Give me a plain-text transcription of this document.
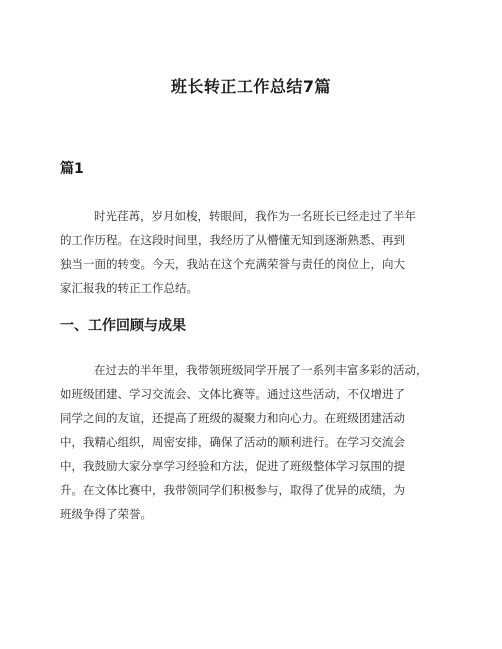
班长转正工作总结7篇
篇1
时光荏苒，岁月如梭，转眼间，我作为一名班长已经走过了半年
的工作历程。在这段时间里，我经历了从懵懂无知到逐渐熟悉、再到
独当一面的转变。今天，我站在这个充满荣誉与责任的岗位上，向大
家汇报我的转正工作总结。
一、工作回顾与成果
在过去的半年里，我带领班级同学开展了一系列丰富多彩的活动，
如班级团建、学习交流会、文体比赛等。通过这些活动，不仅增进了
同学之间的友谊，还提高了班级的凝聚力和向心力。在班级团建活动
中，我精心组织，周密安排，确保了活动的顺利进行。在学习交流会
中，我鼓励大家分享学习经验和方法，促进了班级整体学习氛围的提
升。在文体比赛中，我带领同学们积极参与，取得了优异的成绩，为
班级争得了荣誉。
